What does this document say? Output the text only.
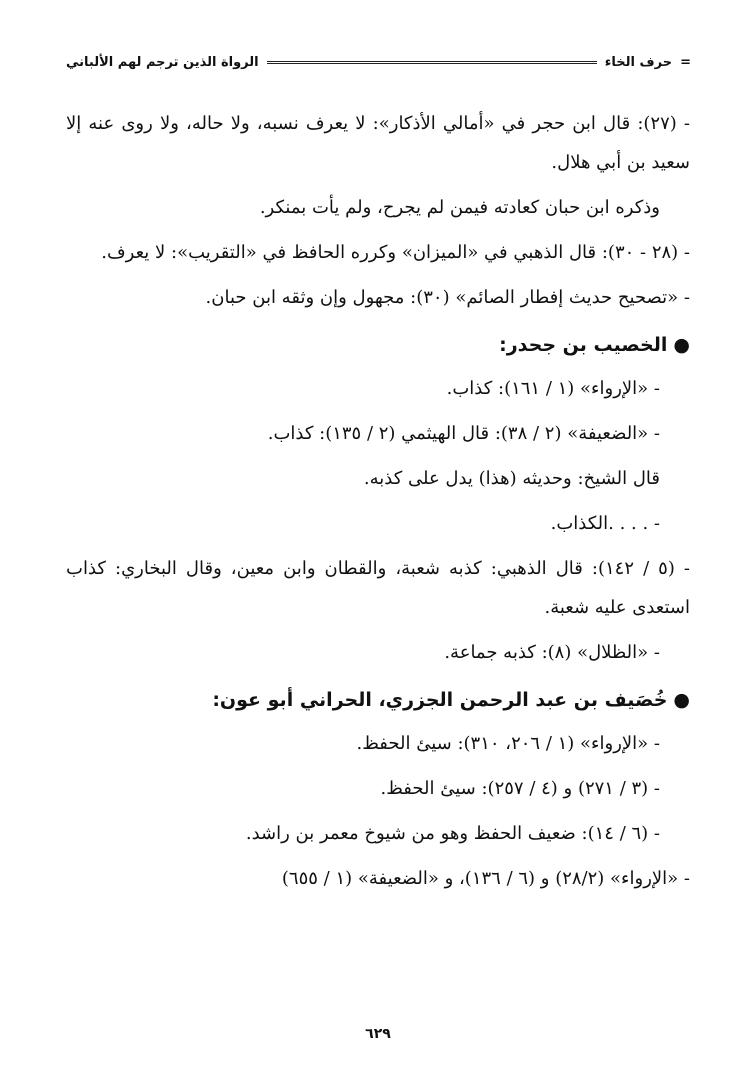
=
حرف الخاء
الرواة الذين ترجم لهم الألباني

- (٢٧): قال ابن حجر في «أمالي الأذكار»: لا يعرف نسبه، ولا حاله، ولا روى عنه إلا سعيد بن أبي هلال.

وذكره ابن حبان كعادته فيمن لم يجرح، ولم يأت بمنكر.

- (٢٨ - ٣٠): قال الذهبي في «الميزان» وكرره الحافظ في «التقريب»: لا يعرف.

- «تصحيح حديث إفطار الصائم» (٣٠): مجهول وإن وثقه ابن حبان.

●الخصيب بن جحدر:

- «الإرواء» (١ / ١٦١): كذاب.

- «الضعيفة» (٢ / ٣٨): قال الهيثمي (٢ / ١٣٥): كذاب.

قال الشيخ: وحديثه (هذا) يدل على كذبه.

- . . . .الكذاب.

- (٥ / ١٤٢): قال الذهبي: كذبه شعبة، والقطان وابن معين، وقال البخاري: كذاب استعدى عليه شعبة.

- «الظلال» (٨): كذبه جماعة.

●خُصَيف بن عبد الرحمن الجزري، الحراني أبو عون:

- «الإرواء» (١ / ٢٠٦، ٣١٠): سيئ الحفظ.

- (٣ / ٢٧١) و (٤ / ٢٥٧): سيئ الحفظ.

- (٦ / ١٤): ضعيف الحفظ وهو من شيوخ معمر بن راشد.

- «الإرواء» (٢٨/٢) و (٦ / ١٣٦)، و «الضعيفة» (١ / ٦٥٥)

٦٢٩
